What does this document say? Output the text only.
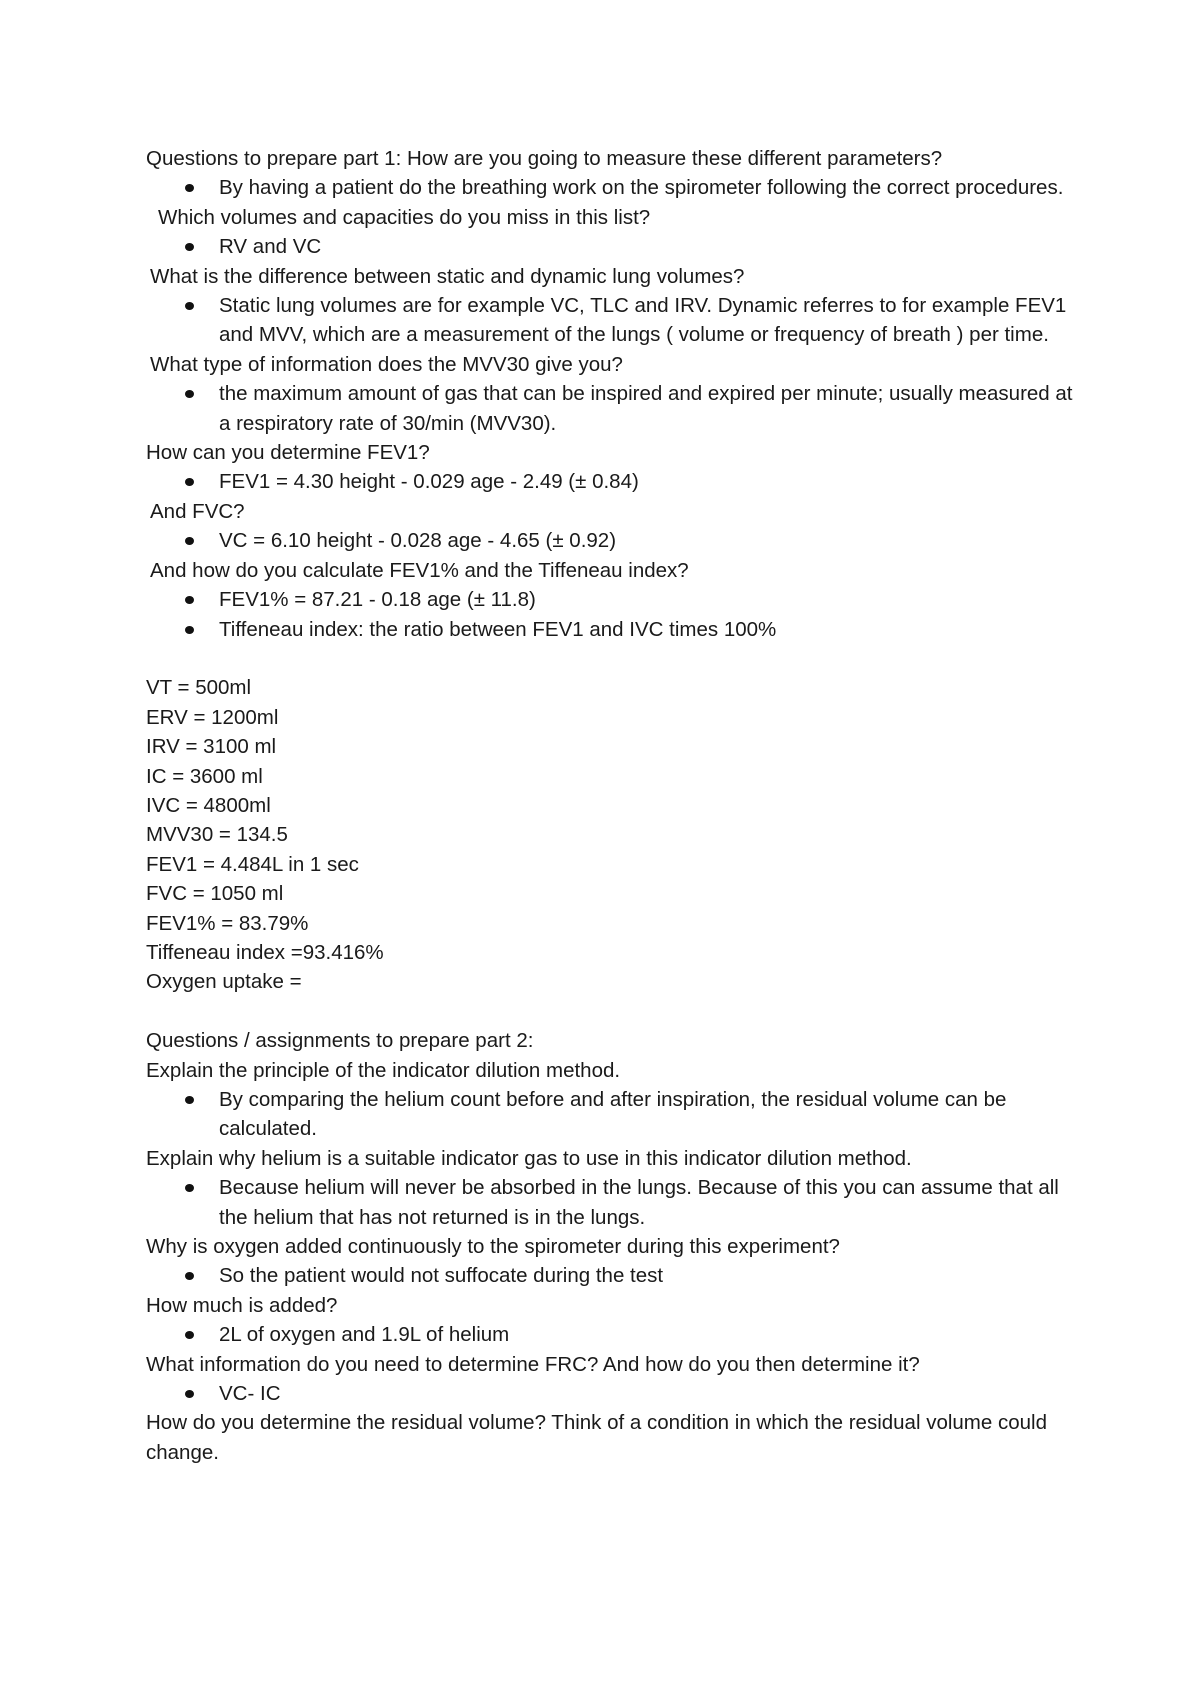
Questions to prepare part 1: How are you going to measure these different parameters?

By having a patient do the breathing work on the spirometer following the correct procedures.

Which volumes and capacities do you miss in this list?

RV and VC

What is the difference between static and dynamic lung volumes?

Static lung volumes are for example VC, TLC and IRV. Dynamic referres to for example FEV1 and MVV, which are a measurement of the lungs ( volume or frequency of breath ) per time.

What type of information does the MVV30 give you?

the maximum amount of gas that can be inspired and expired per minute; usually measured at a respiratory rate of 30/min (MVV30).

How can you determine FEV1?

FEV1 = 4.30 height - 0.029 age - 2.49 (± 0.84)

And FVC?

VC = 6.10 height - 0.028 age - 4.65 (± 0.92)

And how do you calculate FEV1% and the Tiffeneau index?

FEV1% = 87.21 - 0.18 age (± 11.8)
Tiffeneau index: the ratio between FEV1 and IVC times 100%

VT = 500ml

ERV = 1200ml

IRV = 3100 ml

IC = 3600 ml

IVC = 4800ml

MVV30 = 134.5

FEV1 = 4.484L in 1 sec

FVC = 1050 ml

FEV1% = 83.79%

Tiffeneau index =93.416%

Oxygen uptake =

Questions / assignments to prepare part 2:

Explain the principle of the indicator dilution method.

By comparing the helium count before and after inspiration, the residual volume can be calculated.

Explain why helium is a suitable indicator gas to use in this indicator dilution method.

Because helium will never be absorbed in the lungs. Because of this you can assume that all the helium that has not returned is in the lungs.

Why is oxygen added continuously to the spirometer during this experiment?

So the patient would not suffocate during the test

How much is added?

2L of oxygen and 1.9L of helium

What information do you need to determine FRC? And how do you then determine it?

VC- IC

How do you determine the residual volume? Think of a condition in which the residual volume could change.
